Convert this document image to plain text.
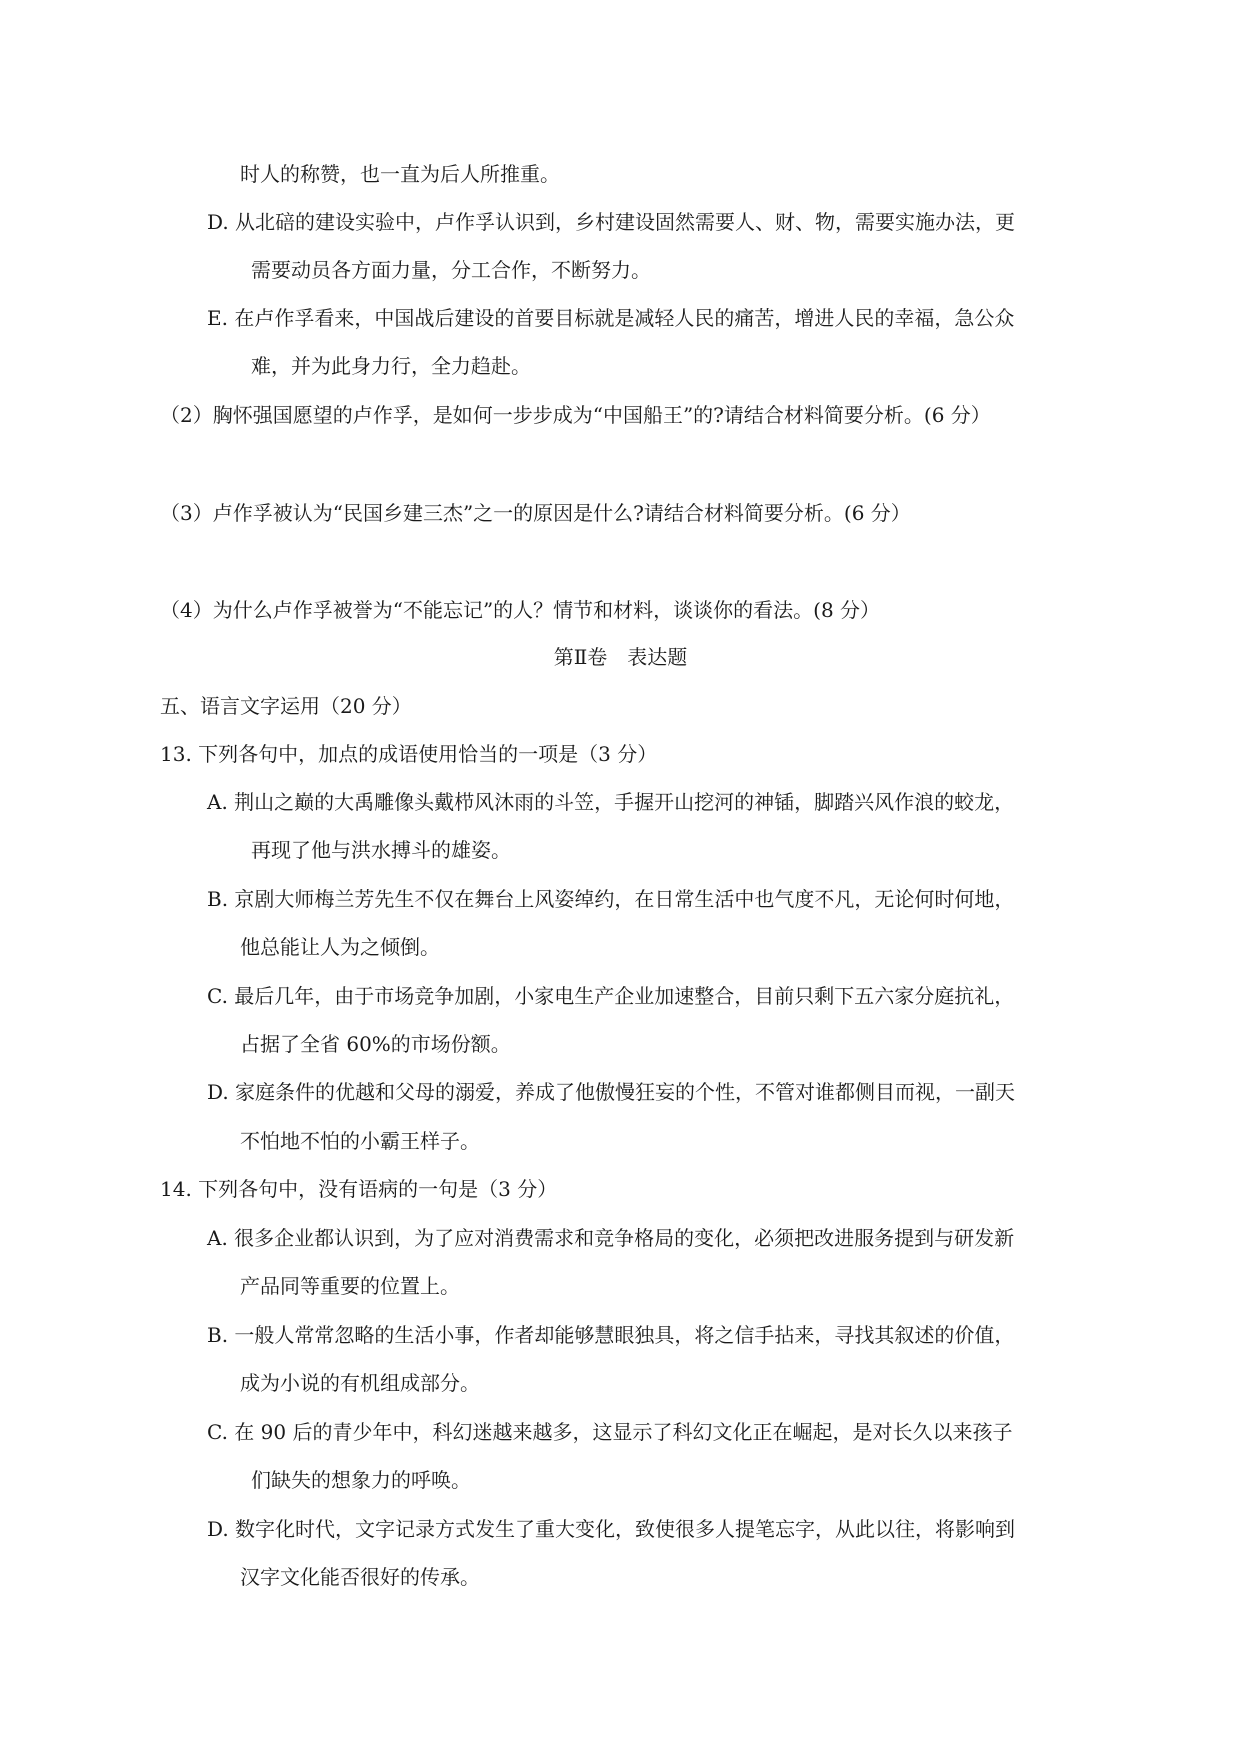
时人的称赞，也一直为后人所推重。
D. 从北碚的建设实验中，卢作孚认识到，乡村建设固然需要人、财、物，需要实施办法，更
需要动员各方面力量，分工合作，不断努力。
E. 在卢作孚看来，中国战后建设的首要目标就是减轻人民的痛苦，增进人民的幸福，急公众
难，并为此身力行，全力趋赴。
（2）胸怀强国愿望的卢作孚，是如何一步步成为“中国船王”的?请结合材料简要分析。(6 分）
（3）卢作孚被认为“民国乡建三杰”之一的原因是什么?请结合材料简要分析。(6 分）
（4）为什么卢作孚被誉为“不能忘记”的人？情节和材料，谈谈你的看法。(8 分）
第Ⅱ卷　表达题
五、语言文字运用（20 分）
13. 下列各句中，加点的成语使用恰当的一项是（3 分）
A. 荆山之巅的大禹雕像头戴栉风沐雨的斗笠，手握开山挖河的神锸，脚踏兴风作浪的蛟龙，
再现了他与洪水搏斗的雄姿。
B. 京剧大师梅兰芳先生不仅在舞台上风姿绰约，在日常生活中也气度不凡，无论何时何地，
他总能让人为之倾倒。
C. 最后几年，由于市场竞争加剧，小家电生产企业加速整合，目前只剩下五六家分庭抗礼，
占据了全省 60%的市场份额。
D. 家庭条件的优越和父母的溺爱，养成了他傲慢狂妄的个性，不管对谁都侧目而视，一副天
不怕地不怕的小霸王样子。
14. 下列各句中，没有语病的一句是（3 分）
A. 很多企业都认识到，为了应对消费需求和竞争格局的变化，必须把改进服务提到与研发新
产品同等重要的位置上。
B. 一般人常常忽略的生活小事，作者却能够慧眼独具，将之信手拈来，寻找其叙述的价值，
成为小说的有机组成部分。
C. 在 90 后的青少年中，科幻迷越来越多，这显示了科幻文化正在崛起，是对长久以来孩子
们缺失的想象力的呼唤。
D. 数字化时代，文字记录方式发生了重大变化，致使很多人提笔忘字，从此以往，将影响到
汉字文化能否很好的传承。
